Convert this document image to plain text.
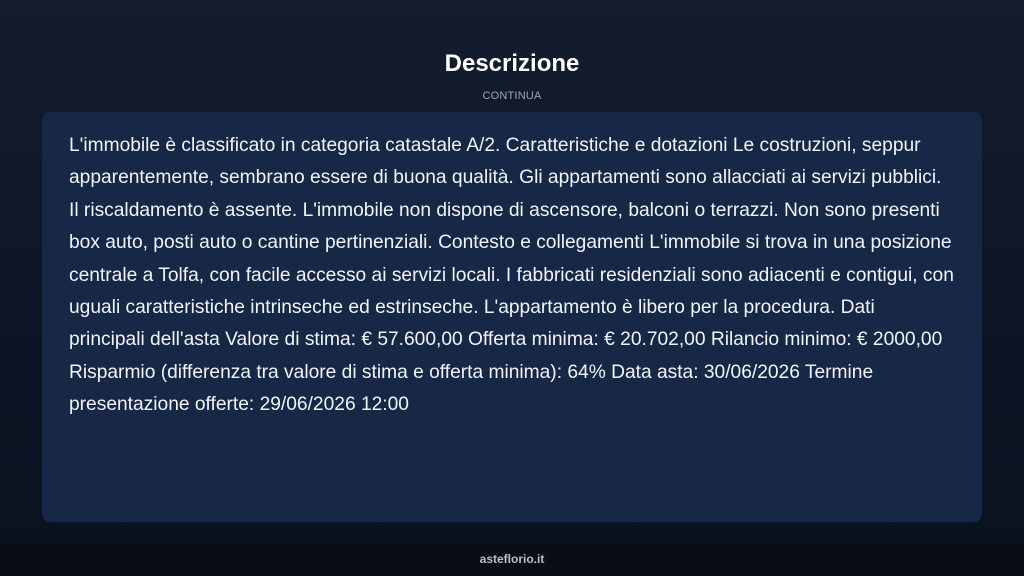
Descrizione
CONTINUA

L'immobile è classificato in categoria catastale A/2. Caratteristiche e dotazioni Le costruzioni, seppur apparentemente, sembrano essere di buona qualità. Gli appartamenti sono allacciati ai servizi pubblici. Il riscaldamento è assente. L'immobile non dispone di ascensore, balconi o terrazzi. Non sono presenti box auto, posti auto o cantine pertinenziali. Contesto e collegamenti L'immobile si trova in una posizione centrale a Tolfa, con facile accesso ai servizi locali. I fabbricati residenziali sono adiacenti e contigui, con uguali caratteristiche intrinseche ed estrinseche. L'appartamento è libero per la procedura. Dati principali dell'asta Valore di stima: € 57.600,00 Offerta minima: € 20.702,00 Rilancio minimo: € 2000,00 Risparmio (differenza tra valore di stima e offerta minima): 64% Data asta: 30/06/2026 Termine presentazione offerte: 29/06/2026 12:00

asteflorio.it
